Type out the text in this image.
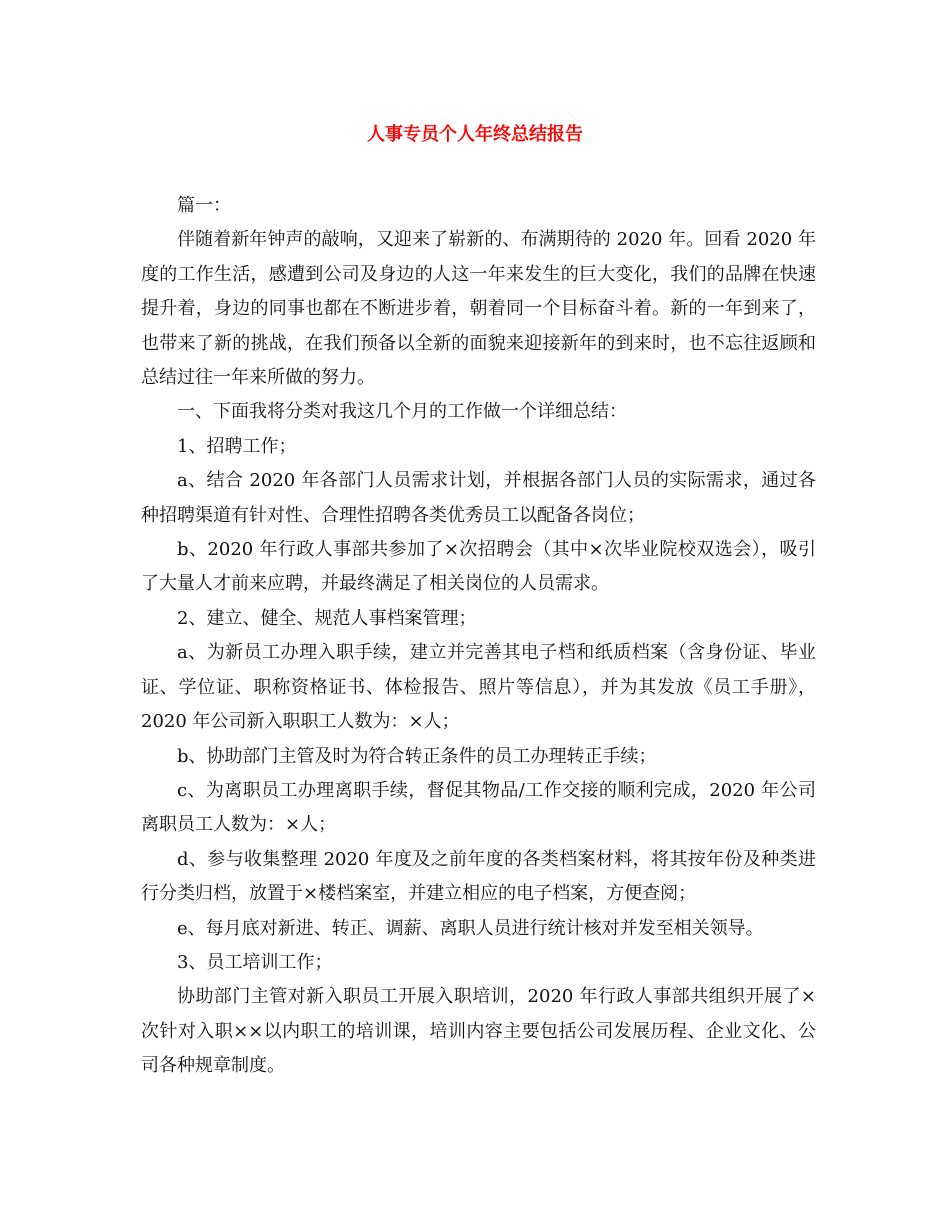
人事专员个人年终总结报告

篇一：

伴随着新年钟声的敲响，又迎来了崭新的、布满期待的 2020 年。回看 2020 年度的工作生活，感遭到公司及身边的人这一年来发生的巨大变化，我们的品牌在快速提升着，身边的同事也都在不断进步着，朝着同一个目标奋斗着。新的一年到来了，也带来了新的挑战，在我们预备以全新的面貌来迎接新年的到来时，也不忘往返顾和总结过往一年来所做的努力。

一、下面我将分类对我这几个月的工作做一个详细总结：

1、招聘工作；

a、结合 2020 年各部门人员需求计划，并根据各部门人员的实际需求，通过各种招聘渠道有针对性、合理性招聘各类优秀员工以配备各岗位；

b、2020 年行政人事部共参加了×次招聘会（其中×次毕业院校双选会），吸引了大量人才前来应聘，并最终满足了相关岗位的人员需求。

2、建立、健全、规范人事档案管理；

a、为新员工办理入职手续，建立并完善其电子档和纸质档案（含身份证、毕业证、学位证、职称资格证书、体检报告、照片等信息），并为其发放《员工手册》，2020 年公司新入职职工人数为：×人；

b、协助部门主管及时为符合转正条件的员工办理转正手续；

c、为离职员工办理离职手续，督促其物品/工作交接的顺利完成，2020 年公司离职员工人数为：×人；

d、参与收集整理 2020 年度及之前年度的各类档案材料，将其按年份及种类进行分类归档，放置于×楼档案室，并建立相应的电子档案，方便查阅；

e、每月底对新进、转正、调薪、离职人员进行统计核对并发至相关领导。

3、员工培训工作；

协助部门主管对新入职员工开展入职培训，2020 年行政人事部共组织开展了×次针对入职××以内职工的培训课，培训内容主要包括公司发展历程、企业文化、公司各种规章制度。
